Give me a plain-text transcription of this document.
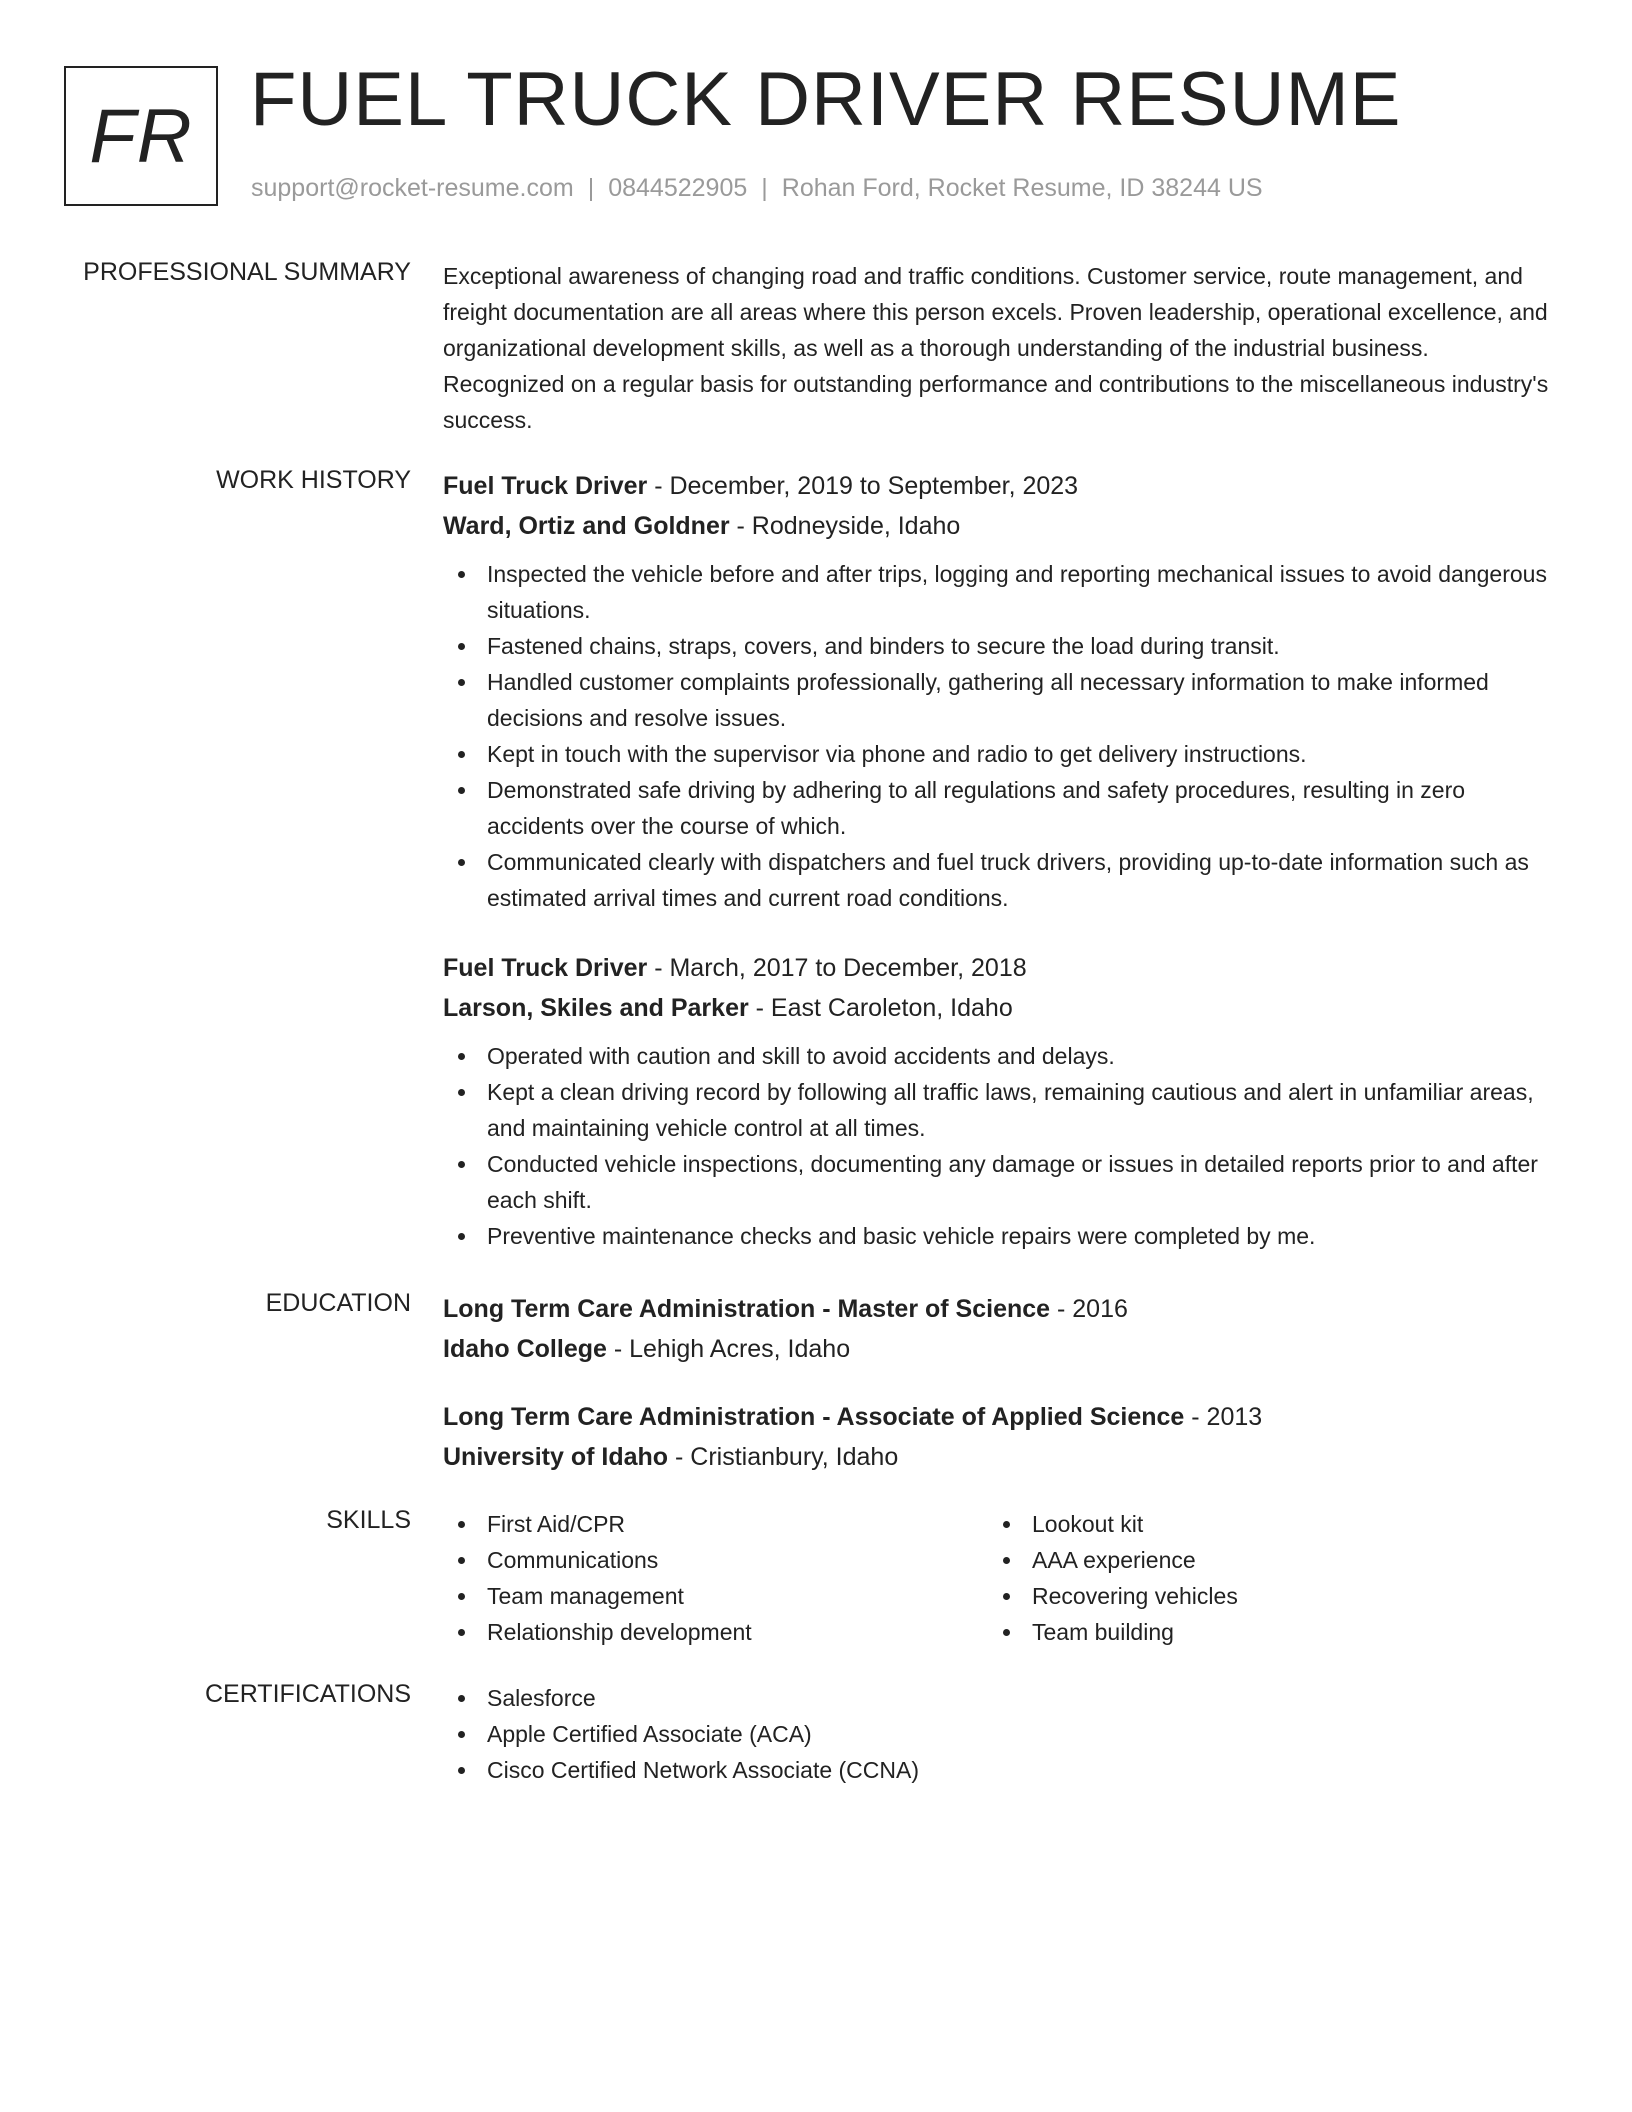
FR FUEL TRUCK DRIVER RESUME
support@rocket-resume.com | 0844522905 | Rohan Ford, Rocket Resume, ID 38244 US
PROFESSIONAL SUMMARY Exceptional awareness of changing road and traffic conditions. Customer service, route management, and freight documentation are all areas where this person excels. Proven leadership, operational excellence, and organizational development skills, as well as a thorough understanding of the industrial business. Recognized on a regular basis for outstanding performance and contributions to the miscellaneous industry's success.

WORK HISTORY Fuel Truck Driver - December, 2019 to September, 2023
Ward, Ortiz and Goldner - Rodneyside, Idaho
Inspected the vehicle before and after trips, logging and reporting mechanical issues to avoid dangerous situations.
Fastened chains, straps, covers, and binders to secure the load during transit.
Handled customer complaints professionally, gathering all necessary information to make informed decisions and resolve issues.
Kept in touch with the supervisor via phone and radio to get delivery instructions.
Demonstrated safe driving by adhering to all regulations and safety procedures, resulting in zero accidents over the course of which.
Communicated clearly with dispatchers and fuel truck drivers, providing up-to-date information such as estimated arrival times and current road conditions.
Fuel Truck Driver - March, 2017 to December, 2018
Larson, Skiles and Parker - East Caroleton, Idaho
Operated with caution and skill to avoid accidents and delays.
Kept a clean driving record by following all traffic laws, remaining cautious and alert in unfamiliar areas, and maintaining vehicle control at all times.
Conducted vehicle inspections, documenting any damage or issues in detailed reports prior to and after each shift.
Preventive maintenance checks and basic vehicle repairs were completed by me.
EDUCATION Long Term Care Administration - Master of Science - 2016
Idaho College - Lehigh Acres, Idaho
Long Term Care Administration - Associate of Applied Science - 2013
University of Idaho - Cristianbury, Idaho
SKILLS	First Aid/CPR
Communications
Team management
Relationship development
Lookout kit
AAA experience
Recovering vehicles
Team building
CERTIFICATIONS	Salesforce
Apple Certified Associate (ACA)
Cisco Certified Network Associate (CCNA)
